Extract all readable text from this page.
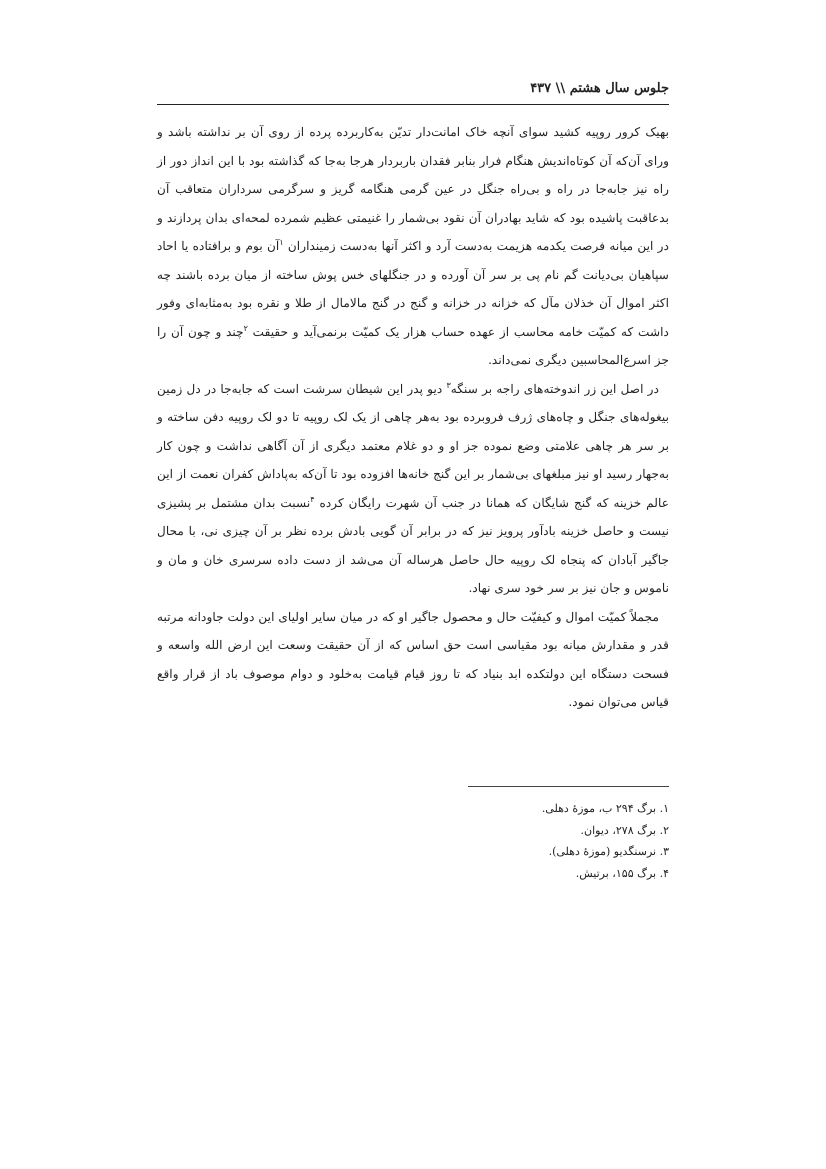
جلوس سال هشتم \\ ۴۳۷

بهیک کرور روپیه کشید سوای آنچه خاک امانت‌دار تدیّن به‌کاربرده پرده از روی آن بر نداشته باشد و ورای آن‌که آن کوتاه‌اندیش هنگام فرار بنابر فقدان باربردار هرجا به‌جا که گذاشته بود با این انداز دور از راه نیز جابه‌جا در راه و بی‌راه جنگل در عین گرمی هنگامه گریز و سرگرمی سرداران متعاقب آن بدعاقبت پاشیده بود که شاید بهادران آن نقود بی‌شمار را غنیمتی عظیم شمرده لمحه‌ای بدان پردازند و در این میانه فرصت یکدمه هزیمت به‌دست آرد و اکثر آنها به‌دست زمینداران $^۱$آن بوم و برافتاده یا احاد سپاهیان بی‌دیانت گم نام پی بر سر آن آورده و در جنگلهای خس پوش ساخته از میان برده باشند چه اکثر اموال آن خذلان مآل که خزانه در خزانه و گنج در گنج مالامال از طلا و نقره بود به‌مثابه‌ای وفور داشت که کمیّت خامه محاسب از عهده حساب هزار یک کمیّت برنمی‌آید و حقیقت $^۲$چند و چون آن را جز اسرع‌المحاسبین دیگری نمی‌داند.

در اصل این زر اندوخته‌های راجه بر سنگه$^۳$ دیو پدر این شیطان سرشت است که جابه‌جا در دل زمین بیغوله‌های جنگل و چاه‌های ژرف فروبرده بود به‌هر چاهی از یک لک روپیه تا دو لک روپیه دفن ساخته و بر سر هر چاهی علامتی وضع نموده جز او و دو غلام معتمد دیگری از آن آگاهی نداشت و چون کار به‌جهار رسید او نیز مبلغهای بی‌شمار بر این گنج خانه‌ها افزوده بود تا آن‌که به‌پاداش کفران نعمت از این عالم خزینه که گنج شایگان که همانا در جنب آن شهرت رایگان کرده $^۴$نسبت بدان مشتمل بر پشیزی نیست و حاصل خزینه بادآور پرویز نیز که در برابر آن گویی بادش برده نظر بر آن چیزی نی، با محال جاگیر آبادان که پنجاه لک روپیه حال حاصل هرساله آن می‌شد از دست داده سرسری خان و مان و ناموس و جان نیز بر سر خود سری نهاد.

مجملاً کمیّت اموال و کیفیّت حال و محصول جاگیر او که در میان سایر اولیای این دولت جاودانه مرتبه قدر و مقدارش میانه بود مقیاسی است حق اساس که از آن حقیقت وسعت این ارض الله واسعه و فسحت دستگاه این دولتکده ابد بنیاد که تا روز قیام قیامت به‌خلود و دوام موصوف باد از قرار واقع قیاس می‌توان نمود.

۱. برگ ۲۹۴ ب، موزهٔ دهلی.
۲. برگ ۲۷۸، دیوان.
۳. نرسنگدیو (موزهٔ دهلی).
۴. برگ ۱۵۵، برتیش.
